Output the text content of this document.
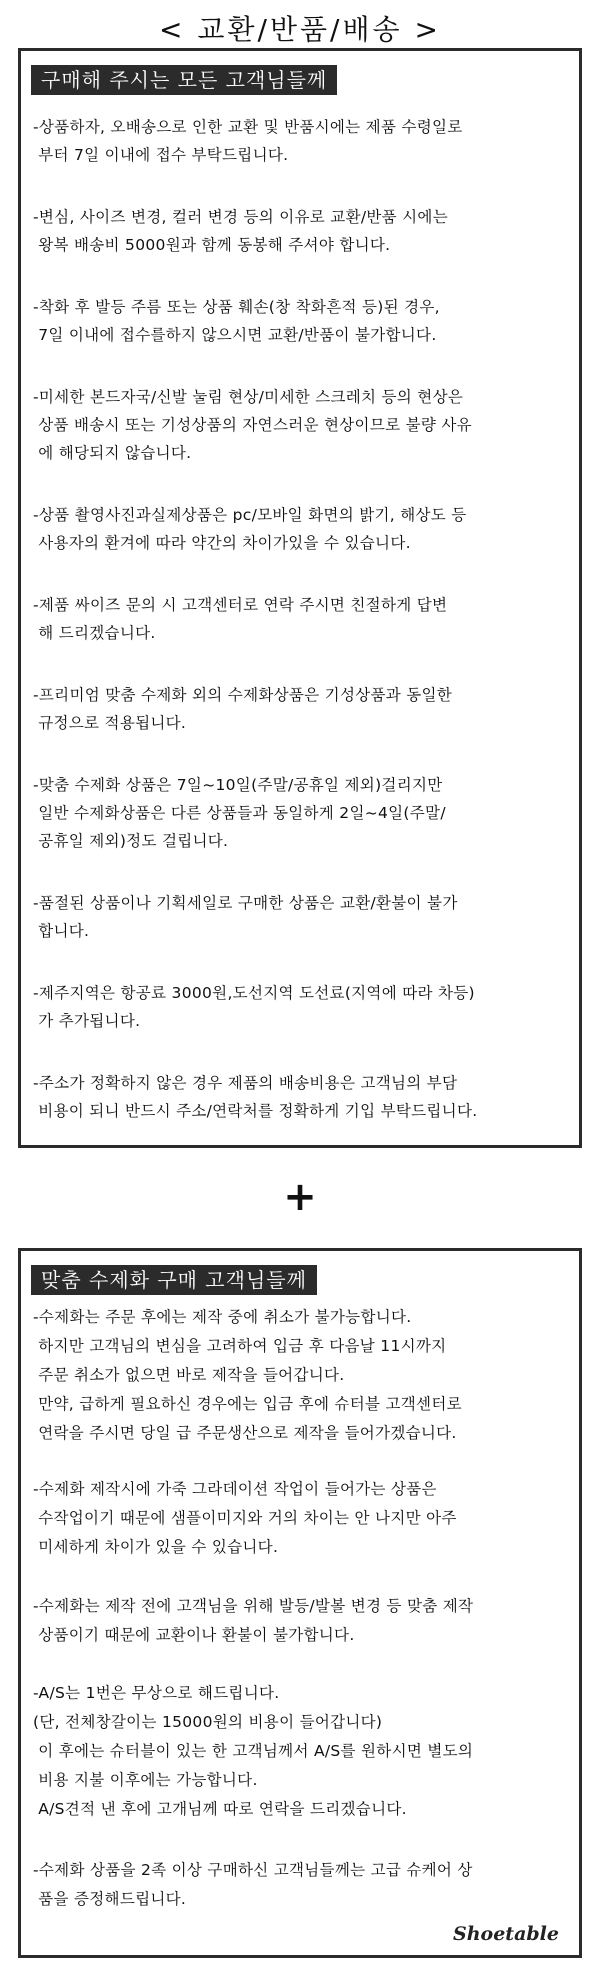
< 교환/반품/배송 >
구매해 주시는 모든 고객님들께
-상품하자, 오배송으로 인한 교환 및 반품시에는 제품 수령일로
부터 7일 이내에 접수 부탁드립니다.
-변심, 사이즈 변경, 컬러 변경 등의 이유로 교환/반품 시에는
왕복 배송비 5000원과 함께 동봉해 주셔야 합니다.
-착화 후 발등 주름 또는 상품 훼손(창 착화흔적 등)된 경우,
7일 이내에 접수를하지 않으시면 교환/반품이 불가합니다.
-미세한 본드자국/신발 눌림 현상/미세한 스크레치 등의 현상은
상품 배송시 또는 기성상품의 자연스러운 현상이므로 불량 사유
에 해당되지 않습니다.
-상품 촬영사진과실제상품은 pc/모바일 화면의 밝기, 해상도 등
사용자의 환겨에 따라 약간의 차이가있을 수 있습니다.
-제품 싸이즈 문의 시 고객센터로 연락 주시면 친절하게 답변
해 드리겠습니다.
-프리미엄 맞춤 수제화 외의 수제화상품은 기성상품과 동일한
규정으로 적용됩니다.
-맞춤 수제화 상품은 7일~10일(주말/공휴일 제외)걸리지만
일반 수제화상품은 다른 상품들과 동일하게 2일~4일(주말/
공휴일 제외)정도 걸립니다.
-품절된 상품이나 기획세일로 구매한 상품은 교환/환불이 불가
합니다.
-제주지역은 항공료 3000원,도선지역 도선료(지역에 따라 차등)
가 추가됩니다.
-주소가 정확하지 않은 경우 제품의 배송비용은 고객님의 부담
비용이 되니 반드시 주소/연락처를 정확하게 기입 부탁드립니다.
+
맞춤 수제화 구매 고객님들께
-수제화는 주문 후에는 제작 중에 취소가 불가능합니다.
하지만 고객님의 변심을 고려하여 입금 후 다음날 11시까지
주문 취소가 없으면 바로 제작을 들어갑니다.
만약, 급하게 필요하신 경우에는 입금 후에 슈터블 고객센터로
연락을 주시면 당일 급 주문생산으로 제작을 들어가겠습니다.
-수제화 제작시에 가죽 그라데이션 작업이 들어가는 상품은
수작업이기 때문에 샘플이미지와 거의 차이는 안 나지만 아주
미세하게 차이가 있을 수 있습니다.
-수제화는 제작 전에 고객님을 위해 발등/발볼 변경 등 맞춤 제작
상품이기 때문에 교환이나 환불이 불가합니다.
-A/S는 1번은 무상으로 해드립니다.
(단, 전체창갈이는 15000원의 비용이 들어갑니다)
이 후에는 슈터블이 있는 한 고객님께서 A/S를 원하시면 별도의
비용 지불 이후에는 가능합니다.
A/S견적 낸 후에 고개님께 따로 연락을 드리겠습니다.
-수제화 상품을 2족 이상 구매하신 고객님들께는 고급 슈케어 상
품을 증정해드립니다.
Shoetable
